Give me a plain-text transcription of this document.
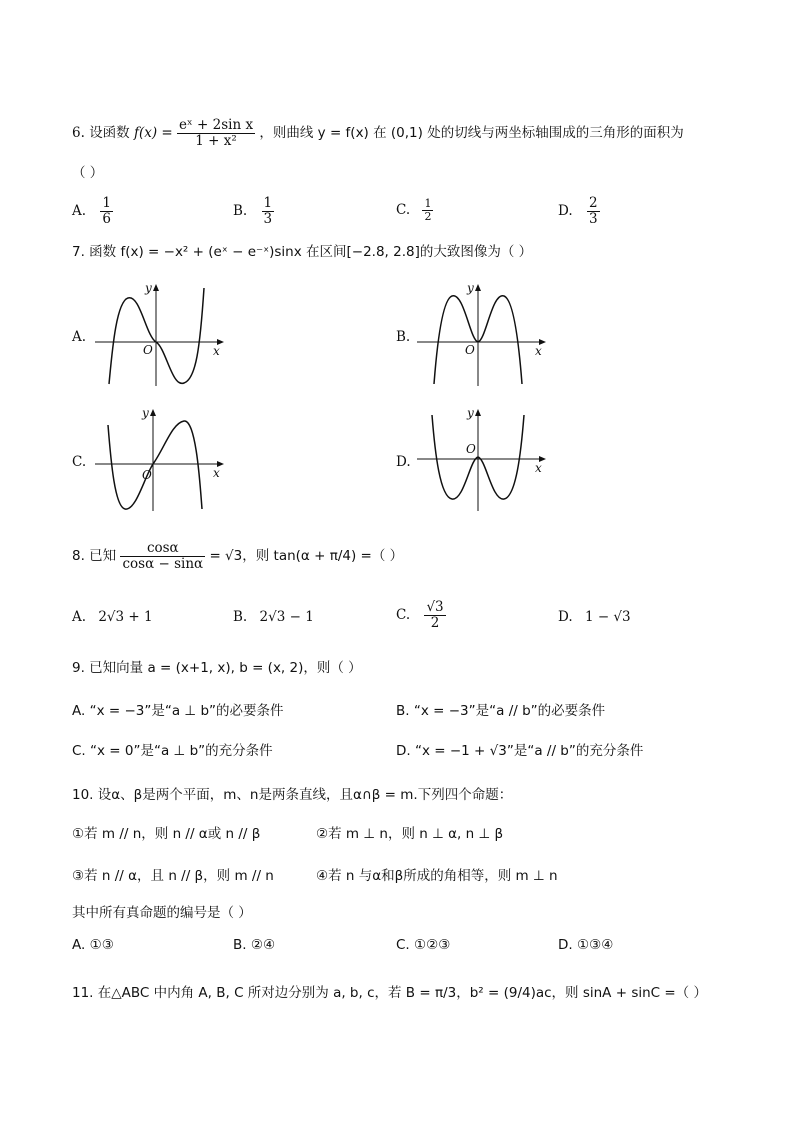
6. 设函数 $f(x) = \frac{\text{eˣ + 2sin x}}{\text{1 + x²}}$ ，则曲线 y = f(x) 在 (0,1) 处的切线与两坐标轴围成的三角形的面积为
（ ）
A. $\frac{1}{6}$	B. $\frac{1}{3}$	C. $\frac{1}{2}$	D. $\frac{2}{3}$
7. 函数 f(x) = −x² + (eˣ − e⁻ˣ)sinx 在区间[−2.8, 2.8]的大致图像为（ ）
A.
y
x
O
B.
y
x
O
C.
y
x
O
D.
y
x
O
8. 已知 $\frac{\cos\alpha}{\cos\alpha - \sin\alpha} = √3$，则 tan(α + π/4) =（ ）
A. 2√3 + 1	B. 2√3 − 1	C. $\frac{√3}{2}$	D. 1 − √3
9. 已知向量 a = (x+1, x), b = (x, 2)，则（ ）
A. “x = −3”是“a ⊥ b”的必要条件	B. “x = −3”是“a // b”的必要条件
C. “x = 0”是“a ⊥ b”的充分条件	D. “x = −1 + √3”是“a // b”的充分条件
10. 设α、β是两个平面，m、n是两条直线，且α∩β = m.下列四个命题：
①若 m // n，则 n // α或 n // β	②若 m ⊥ n，则 n ⊥ α, n ⊥ β
③若 n // α，且 n // β，则 m // n	④若 n 与α和β所成的角相等，则 m ⊥ n
其中所有真命题的编号是（ ）
A. ①③	B. ②④	C. ①②③	D. ①③④
11. 在△ABC 中内角 A, B, C 所对边分别为 a, b, c，若 B = π/3，b² = (9/4)ac，则 sinA + sinC =（ ）
